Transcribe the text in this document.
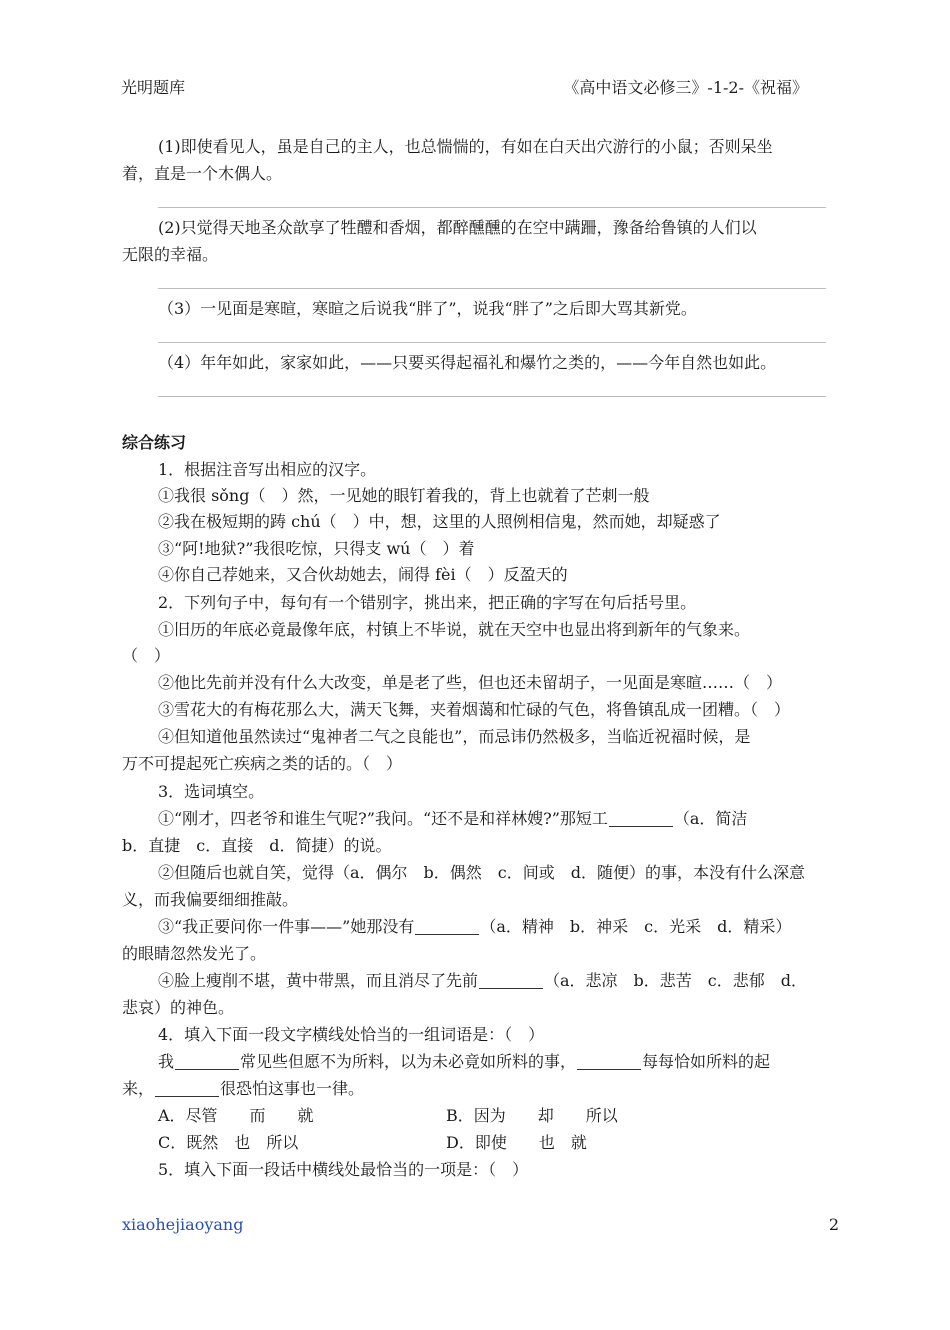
光明题库	《高中语文必修三》-1-2-《祝福》
(1)即使看见人，虽是自己的主人，也总惴惴的，有如在白天出穴游行的小鼠；否则呆坐
着，直是一个木偶人。
(2)只觉得天地圣众歆享了牲醴和香烟，都醉醺醺的在空中蹒跚，豫备给鲁镇的人们以
无限的幸福。
（3）一见面是寒暄，寒暄之后说我“胖了”，说我“胖了”之后即大骂其新党。
（4）年年如此，家家如此，——只要买得起福礼和爆竹之类的，——今年自然也如此。
综合练习
1．根据注音写出相应的汉字。
①我很 sǒng（　）然，一见她的眼钉着我的，背上也就着了芒刺一般
②我在极短期的踌 chú（　）中，想，这里的人照例相信鬼，然而她，却疑惑了
③“阿!地狱?”我很吃惊，只得支 wú（　）着
④你自己荐她来，又合伙劫她去，闹得 fèi（　）反盈天的
2．下列句子中，每句有一个错别字，挑出来，把正确的字写在句后括号里。
①旧历的年底必竟最像年底，村镇上不毕说，就在天空中也显出将到新年的气象来。
（　）
②他比先前并没有什么大改变，单是老了些，但也还未留胡子，一见面是寒暄……（　）
③雪花大的有梅花那么大，满天飞舞，夹着烟蔼和忙碌的气色，将鲁镇乱成一团糟。（　）
④但知道他虽然读过“鬼神者二气之良能也”，而忌讳仍然极多，当临近祝福时候，是
万不可提起死亡疾病之类的话的。（　）
3．选词填空。
①“刚才，四老爷和谁生气呢?”我问。“还不是和祥林嫂?”那短工	（a．简洁
b．直捷　c．直接　d．简捷）的说。
②但随后也就自笑，觉得（a．偶尔　b．偶然　c．间或　d．随便）的事，本没有什么深意
义，而我偏要细细推敲。
③“我正要问你一件事——”她那没有	（a．精神　b．神采　c．光采　d．精采）
的眼睛忽然发光了。
④脸上瘦削不堪，黄中带黑，而且消尽了先前	（a．悲凉　b．悲苦　c．悲郁　d．
悲哀）的神色。
4．填入下面一段文字横线处恰当的一组词语是：（　）
我	常见些但愿不为所料，以为未必竟如所料的事，	每每恰如所料的起
来，	很恐怕这事也一律。
A．尽管　　而　　就	B．因为　　却　　所以
C．既然　也　所以	D．即使　　也　就
5．填入下面一段话中横线处最恰当的一项是：（　）
xiaohejiaoyang	2
